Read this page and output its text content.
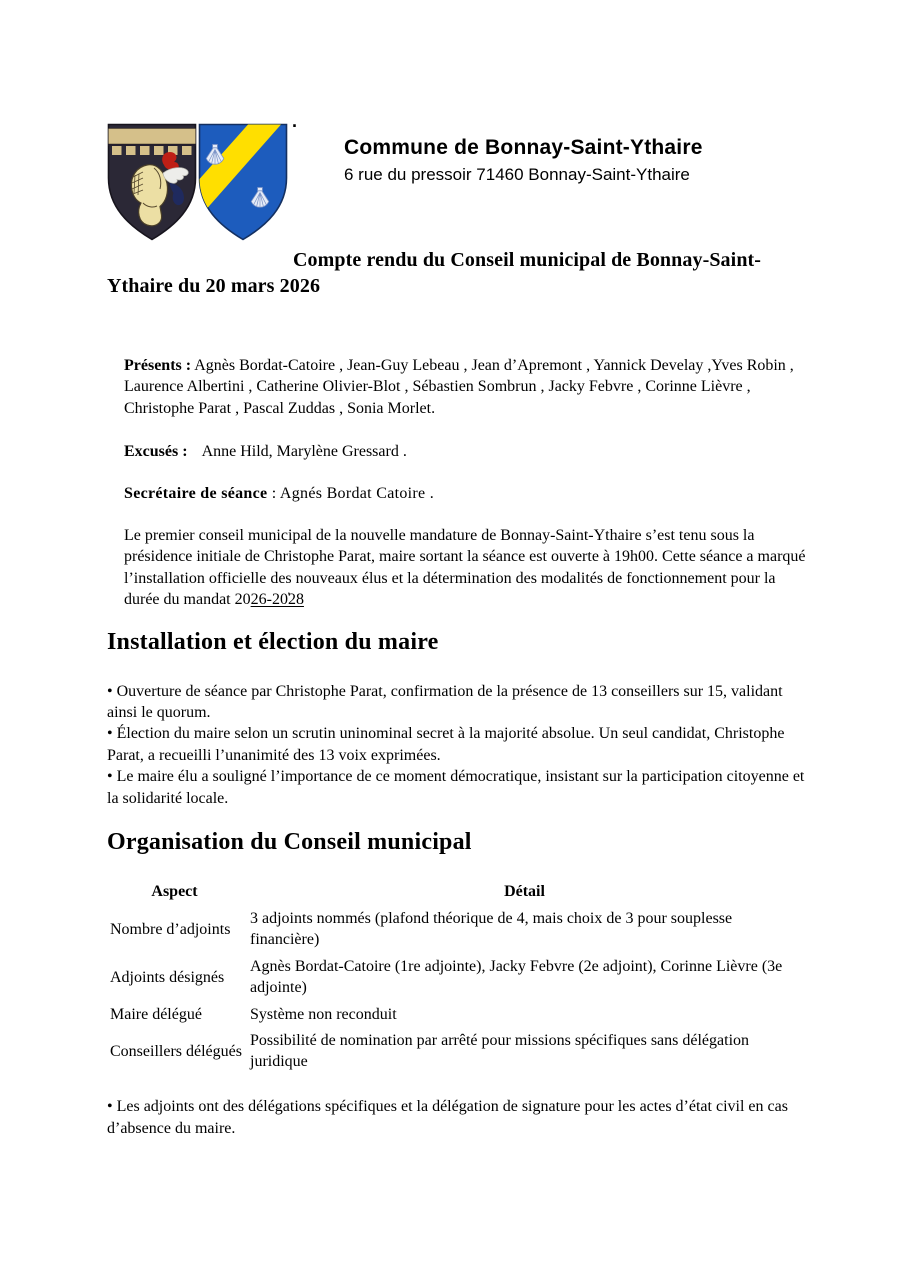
.
Commune de Bonnay-Saint-Ythaire
6 rue du pressoir 71460 Bonnay-Saint-Ythaire
Compte rendu du Conseil municipal de Bonnay-Saint-Ythaire du 20 mars 2026

Présents : Agnès Bordat-Catoire , Jean-Guy Lebeau , Jean d’Apremont , Yannick Develay ,Yves Robin , Laurence Albertini , Catherine Olivier-Blot , Sébastien Sombrun , Jacky Febvre , Corinne Lièvre , Christophe Parat , Pascal Zuddas , Sonia Morlet.

Excusés : Anne Hild, Marylène Gressard .

Secrétaire de séance : Agnés Bordat Catoire .

Le premier conseil municipal de la nouvelle mandature de Bonnay-Saint-Ythaire s’est tenu sous la présidence initiale de Christophe Parat, maire sortant la séance est ouverte à 19h00. Cette séance a marqué l’installation officielle des nouveaux élus et la détermination des modalités de fonctionnement pour la durée du mandat 2026-20̕28

Installation et élection du maire

• Ouverture de séance par Christophe Parat, confirmation de la présence de 13 conseillers sur 15, validant ainsi le quorum.

• Élection du maire selon un scrutin uninominal secret à la majorité absolue. Un seul candidat, Christophe Parat, a recueilli l’unanimité des 13 voix exprimées.

• Le maire élu a souligné l’importance de ce moment démocratique, insistant sur la participation citoyenne et la solidarité locale.

Organisation du Conseil municipal
Aspect	Détail
Nombre d’adjoints	3 adjoints nommés (plafond théorique de 4, mais choix de 3 pour souplesse financière)
Adjoints désignés	Agnès Bordat-Catoire (1re adjointe), Jacky Febvre (2e adjoint), Corinne Lièvre (3e adjointe)
Maire délégué	Système non reconduit
Conseillers délégués	Possibilité de nomination par arrêté pour missions spécifiques sans délégation juridique

• Les adjoints ont des délégations spécifiques et la délégation de signature pour les actes d’état civil en cas d’absence du maire.
